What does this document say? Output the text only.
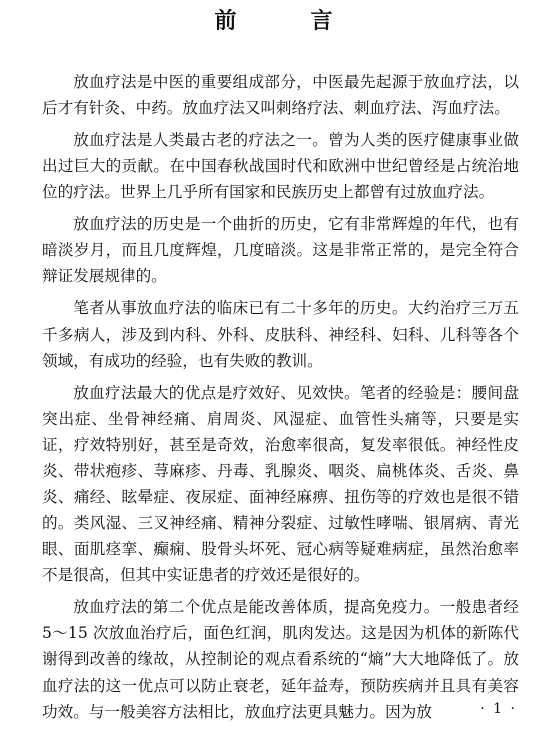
前　言

放血疗法是中医的重要组成部分，中医最先起源于放血疗法，以后才有针灸、中药。放血疗法又叫刺络疗法、刺血疗法、泻血疗法。

放血疗法是人类最古老的疗法之一。曾为人类的医疗健康事业做出过巨大的贡献。在中国春秋战国时代和欧洲中世纪曾经是占统治地位的疗法。世界上几乎所有国家和民族历史上都曾有过放血疗法。

放血疗法的历史是一个曲折的历史，它有非常辉煌的年代，也有暗淡岁月，而且几度辉煌，几度暗淡。这是非常正常的，是完全符合辩证发展规律的。

笔者从事放血疗法的临床已有二十多年的历史。大约治疗三万五千多病人，涉及到内科、外科、皮肤科、神经科、妇科、儿科等各个领域，有成功的经验，也有失败的教训。

放血疗法最大的优点是疗效好、见效快。笔者的经验是：腰间盘突出症、坐骨神经痛、肩周炎、风湿症、血管性头痛等，只要是实证，疗效特别好，甚至是奇效，治愈率很高，复发率很低。神经性皮炎、带状疱疹、荨麻疹、丹毒、乳腺炎、咽炎、扁桃体炎、舌炎、鼻炎、痛经、眩晕症、夜尿症、面神经麻痹、扭伤等的疗效也是很不错的。类风湿、三叉神经痛、精神分裂症、过敏性哮喘、银屑病、青光眼、面肌痉挛、癫痫、股骨头坏死、冠心病等疑难病症，虽然治愈率不是很高，但其中实证患者的疗效还是很好的。

放血疗法的第二个优点是能改善体质，提高免疫力。一般患者经 5～15 次放血治疗后，面色红润，肌肉发达。这是因为机体的新陈代谢得到改善的缘故，从控制论的观点看系统的“熵”大大地降低了。放血疗法的这一优点可以防止衰老，延年益寿，预防疾病并且具有美容功效。与一般美容方法相比，放血疗法更具魅力。因为放	· 1 ·
